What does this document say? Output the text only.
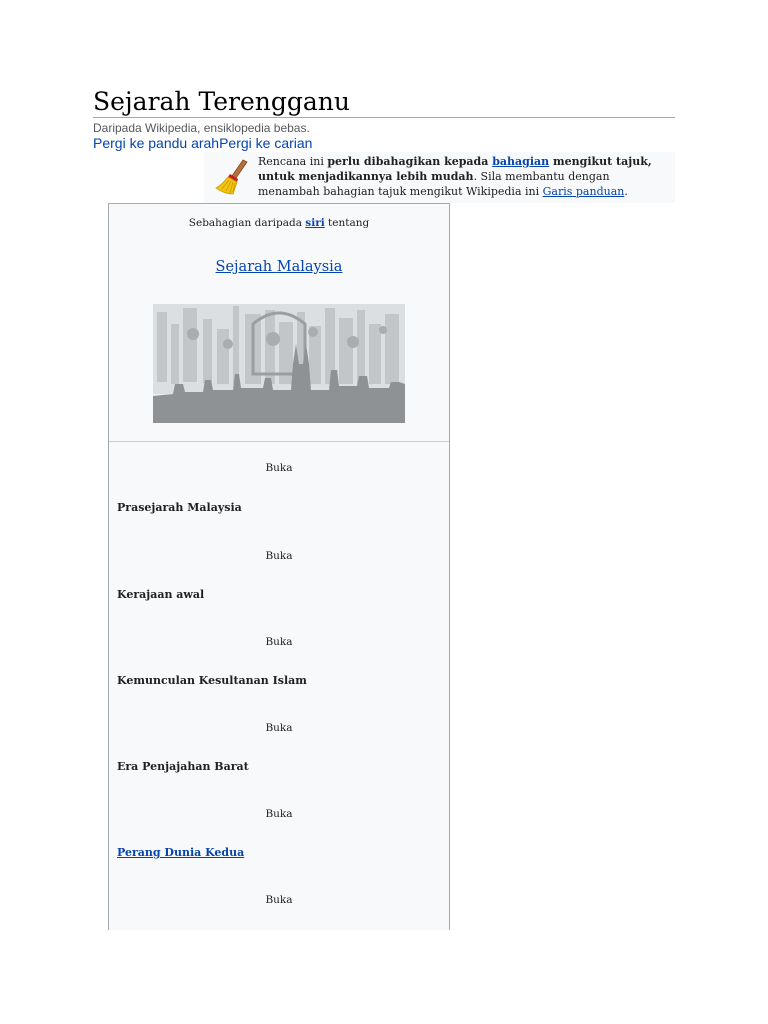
Sejarah Terengganu
Daripada Wikipedia, ensiklopedia bebas.
Pergi ke pandu arahPergi ke carian
Rencana ini perlu dibahagikan kepada bahagian mengikut tajuk, untuk menjadikannya lebih mudah. Sila membantu dengan menambah bahagian tajuk mengikut Wikipedia ini Garis panduan.
Sebahagian daripada siri tentang
Sejarah Malaysia
Buka
Prasejarah Malaysia
Buka
Kerajaan awal
Buka
Kemunculan Kesultanan Islam
Buka
Era Penjajahan Barat
Buka
Perang Dunia Kedua
Buka
